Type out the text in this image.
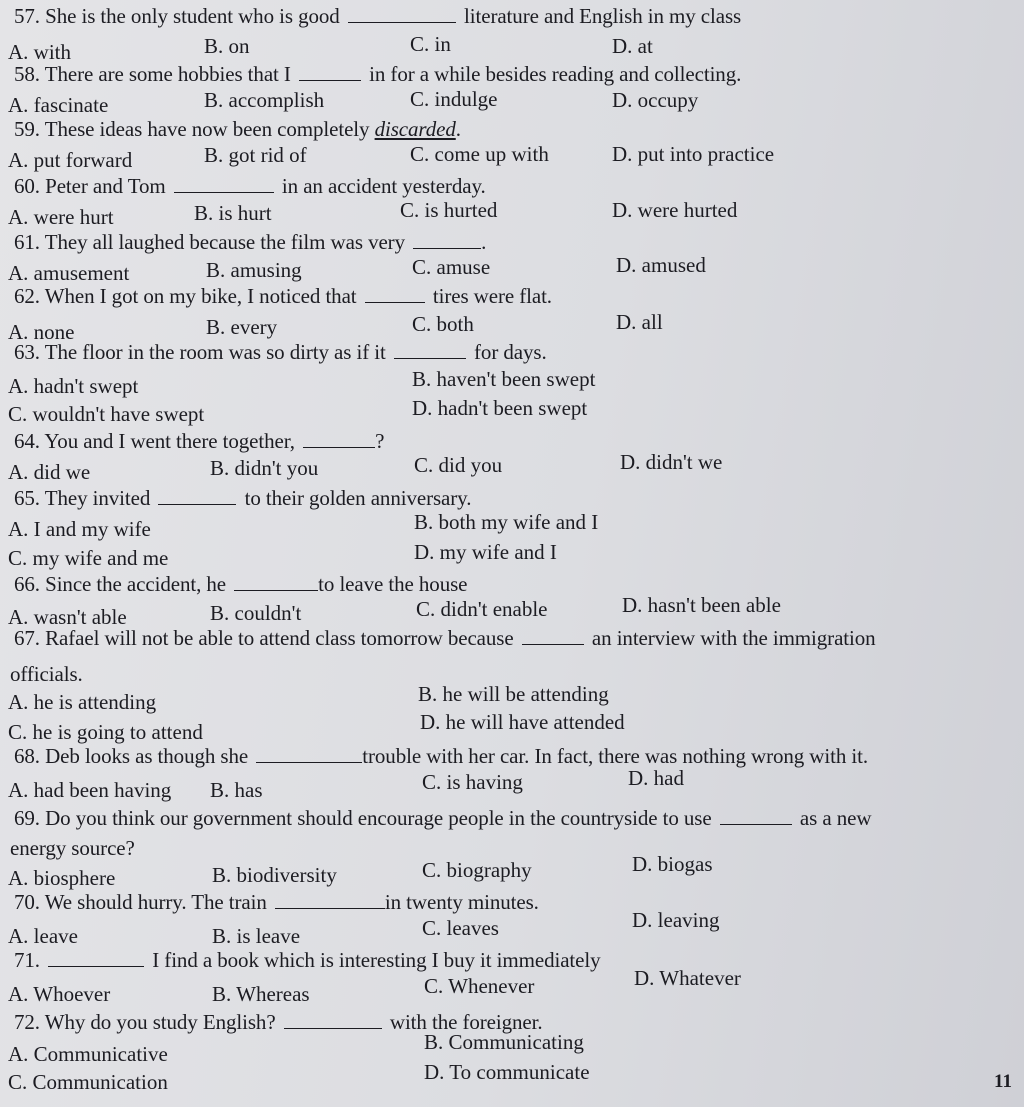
57. She is the only student who is good	literature and English in my class
A. with	B. on	C. in	D. at
58. There are some hobbies that I	in for a while besides reading and collecting.
A. fascinate	B. accomplish	C. indulge	D. occupy
59. These ideas have now been completely discarded.
A. put forward	B. got rid of	C. come up with	D. put into practice
60. Peter and Tom	in an accident yesterday.
A. were hurt	B. is hurt	C. is hurted	D. were hurted
61. They all laughed because the film was very	.
A. amusement	B. amusing	C. amuse	D. amused
62. When I got on my bike, I noticed that	tires were flat.
A. none	B. every	C. both	D. all
63. The floor in the room was so dirty as if it	for days.
A. hadn't swept	B. haven't been swept
C. wouldn't have swept	D. hadn't been swept
64. You and I went there together,	?
A. did we	B. didn't you	C. did you	D. didn't we
65. They invited	to their golden anniversary.
A. I and my wife	B. both my wife and I
C. my wife and me	D. my wife and I
66. Since the accident, he	to leave the house
A. wasn't able	B. couldn't	C. didn't enable	D. hasn't been able
67. Rafael will not be able to attend class tomorrow because	an interview with the immigration
officials.
A. he is attending	B. he will be attending
C. he is going to attend	D. he will have attended
68. Deb looks as though she	trouble with her car. In fact, there was nothing wrong with it.
A. had been having B. has	C. is having	D. had
69. Do you think our government should encourage people in the countryside to use	as a new
energy source?
A. biosphere	B. biodiversity	C. biography	D. biogas
70. We should hurry. The train	in twenty minutes.
A. leave	B. is leave	C. leaves	D. leaving
71.	I find a book which is interesting I buy it immediately
A. Whoever	B. Whereas	C. Whenever	D. Whatever
72. Why do you study English?	with the foreigner.
A. Communicative	B. Communicating
C. Communication	D. To communicate	11
